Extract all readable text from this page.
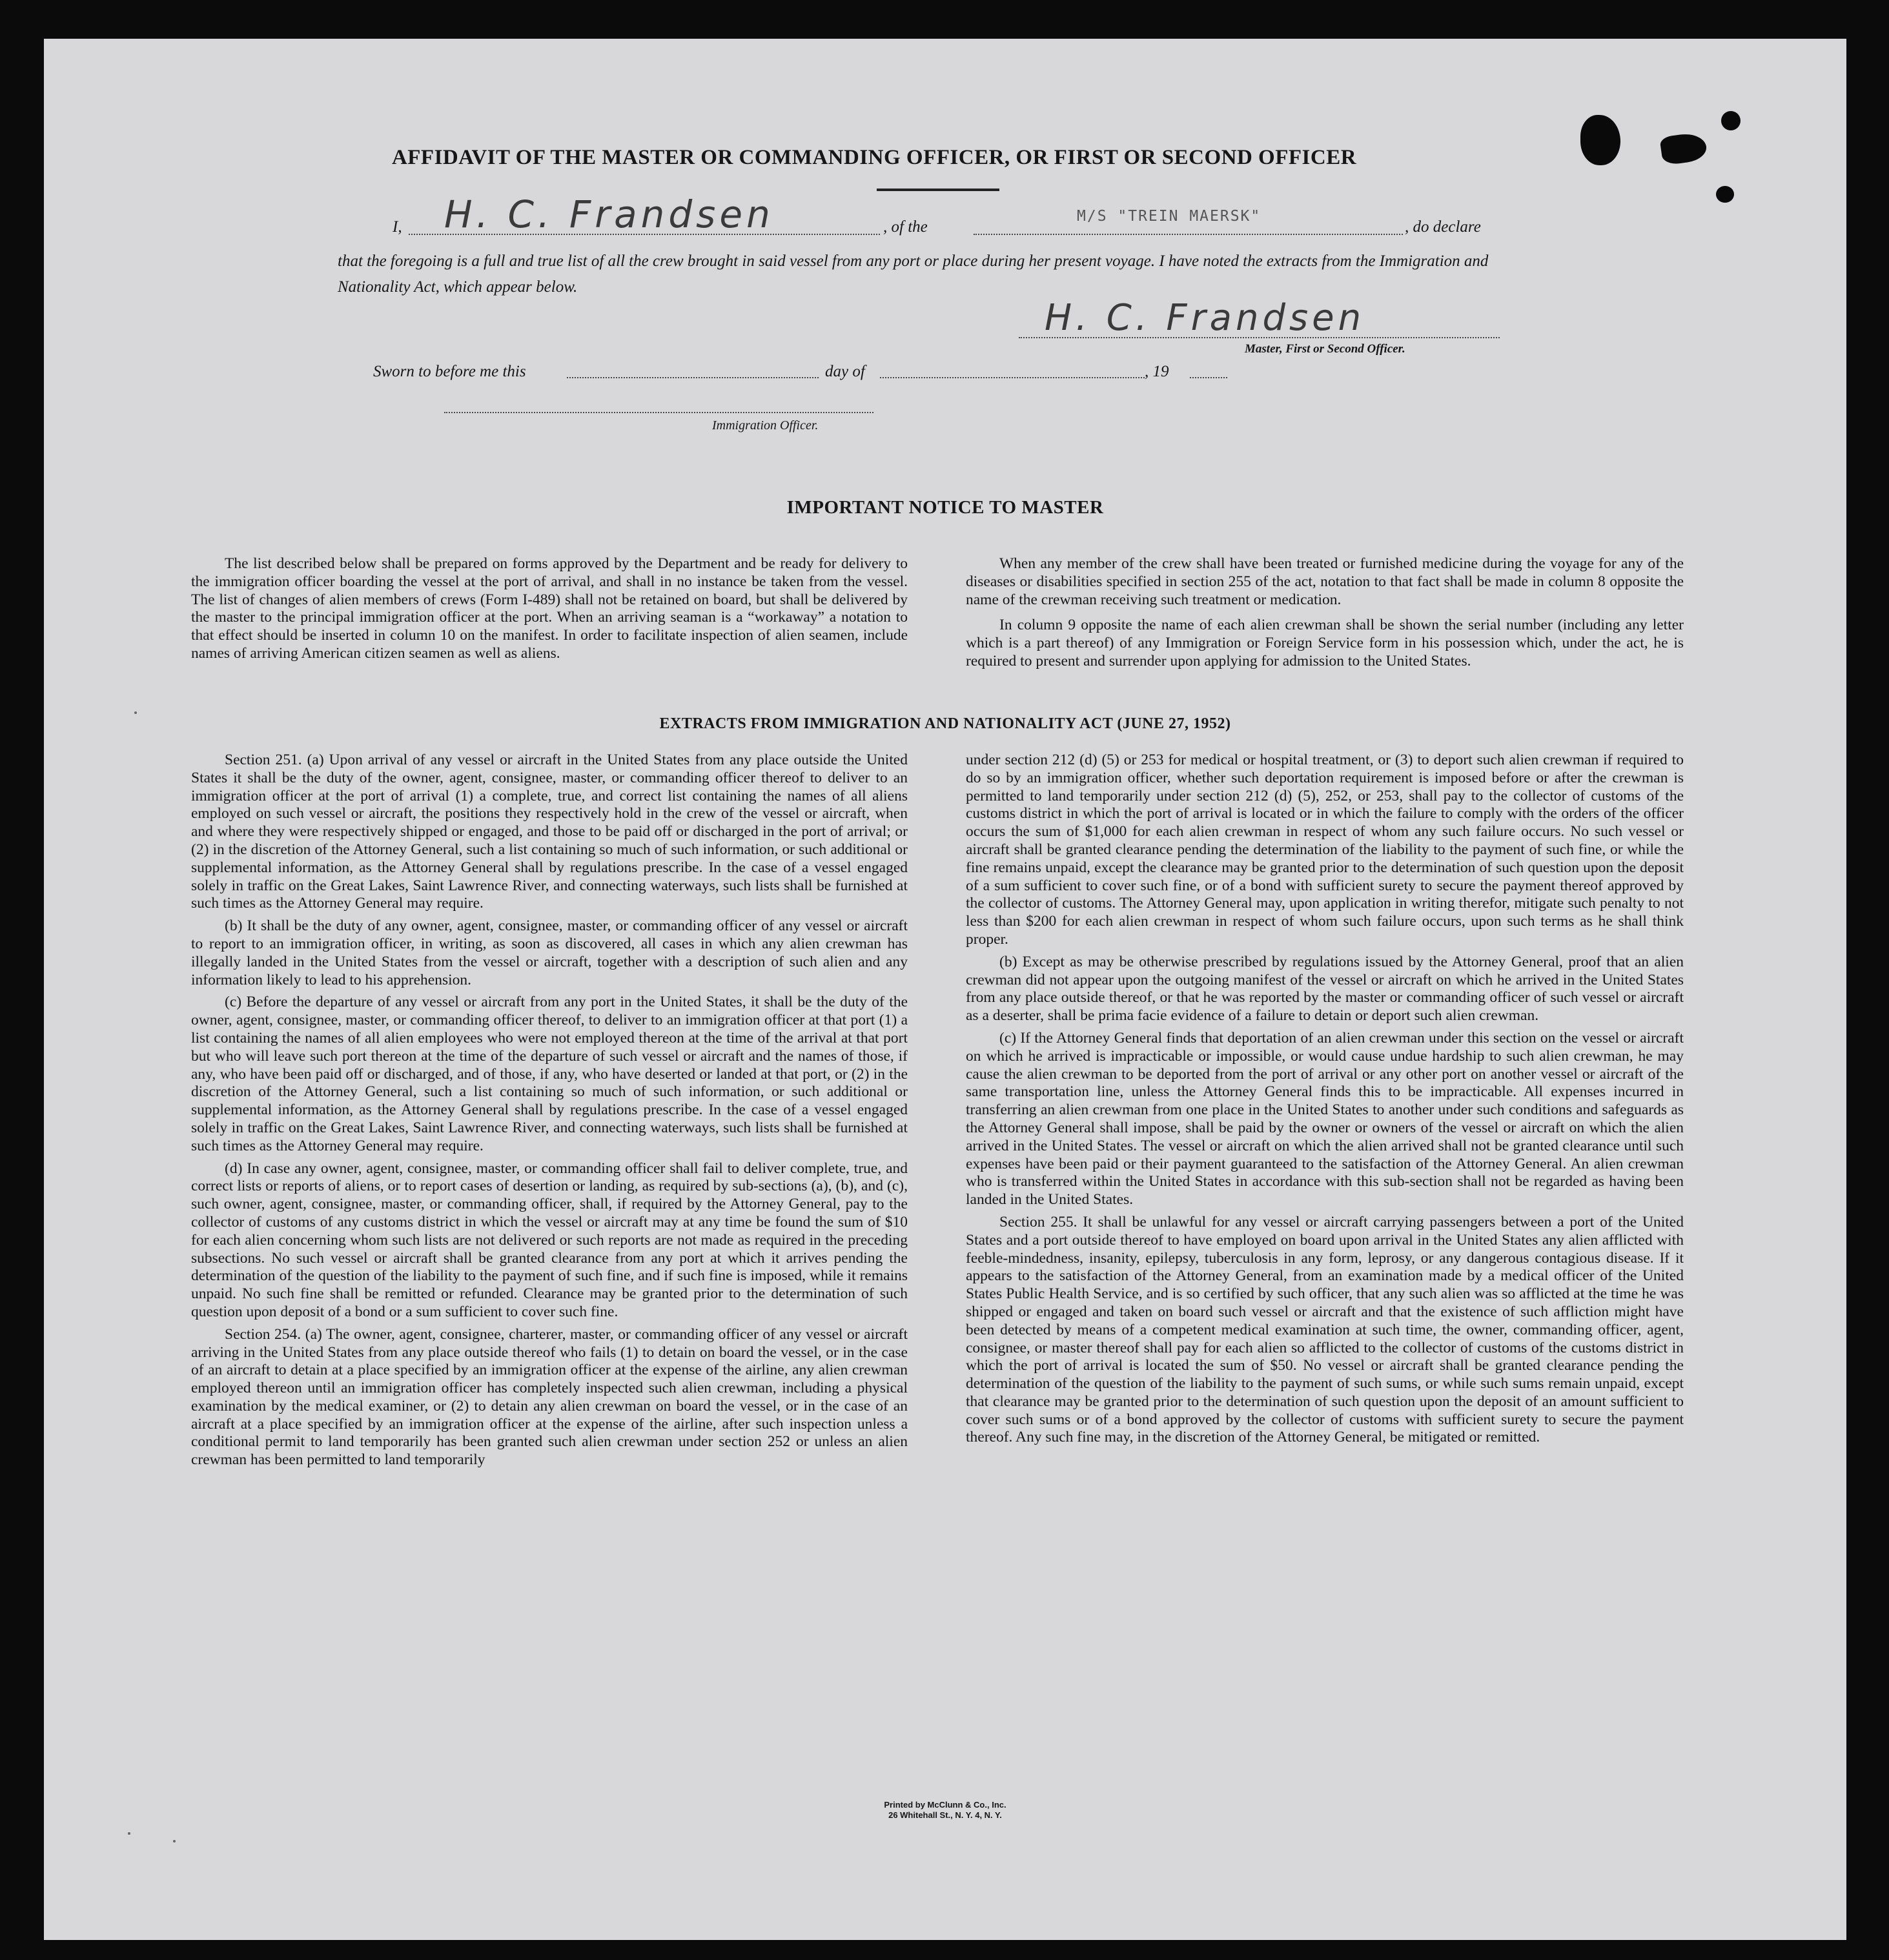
AFFIDAVIT OF THE MASTER OR COMMANDING OFFICER, OR FIRST OR SECOND OFFICER
I, H. C. Frandsen	, of the
M/S "TREIN MAERSK"
, do declare
that the foregoing is a full and true list of all the crew brought in said vessel from any port or place during her present voyage. I have noted the extracts from the Immigration and Nationality Act, which appear below.
H. C. Frandsen
Master, First or Second Officer.
Sworn to before me this	day of	, 19
Immigration Officer.
IMPORTANT NOTICE TO MASTER

The list described below shall be prepared on forms approved by the Department and be ready for delivery to the immigration officer boarding the vessel at the port of arrival, and shall in no instance be taken from the vessel. The list of changes of alien members of crews (Form I-489) shall not be retained on board, but shall be delivered by the master to the principal immigration officer at the port. When an arriving seaman is a “workaway” a notation to that effect should be inserted in column 10 on the manifest. In order to facilitate inspection of alien seamen, include names of arriving American citizen seamen as well as aliens.

When any member of the crew shall have been treated or furnished medicine during the voyage for any of the diseases or disabilities specified in section 255 of the act, notation to that fact shall be made in column 8 opposite the name of the crewman receiving such treatment or medication.

In column 9 opposite the name of each alien crewman shall be shown the serial number (including any letter which is a part thereof) of any Immigration or Foreign Service form in his possession which, under the act, he is required to present and surrender upon applying for admission to the United States.

EXTRACTS FROM IMMIGRATION AND NATIONALITY ACT (JUNE 27, 1952)

Section 251. (a) Upon arrival of any vessel or aircraft in the United States from any place outside the United States it shall be the duty of the owner, agent, consignee, master, or commanding officer thereof to deliver to an immigration officer at the port of arrival (1) a complete, true, and correct list containing the names of all aliens employed on such vessel or aircraft, the positions they respectively hold in the crew of the vessel or aircraft, when and where they were respectively shipped or engaged, and those to be paid off or discharged in the port of arrival; or (2) in the discretion of the Attorney General, such a list containing so much of such information, or such additional or supplemental information, as the Attorney General shall by regulations prescribe. In the case of a vessel engaged solely in traffic on the Great Lakes, Saint Lawrence River, and connecting waterways, such lists shall be furnished at such times as the Attorney General may require.

(b) It shall be the duty of any owner, agent, consignee, master, or commanding officer of any vessel or aircraft to report to an immigration officer, in writing, as soon as discovered, all cases in which any alien crewman has illegally landed in the United States from the vessel or aircraft, together with a description of such alien and any information likely to lead to his apprehension.

(c) Before the departure of any vessel or aircraft from any port in the United States, it shall be the duty of the owner, agent, consignee, master, or commanding officer thereof, to deliver to an immigration officer at that port (1) a list containing the names of all alien employees who were not employed thereon at the time of the arrival at that port but who will leave such port thereon at the time of the departure of such vessel or aircraft and the names of those, if any, who have been paid off or discharged, and of those, if any, who have deserted or landed at that port, or (2) in the discretion of the Attorney General, such a list containing so much of such information, or such additional or supplemental information, as the Attorney General shall by regulations prescribe. In the case of a vessel engaged solely in traffic on the Great Lakes, Saint Lawrence River, and connecting waterways, such lists shall be furnished at such times as the Attorney General may require.

(d) In case any owner, agent, consignee, master, or commanding officer shall fail to deliver complete, true, and correct lists or reports of aliens, or to report cases of desertion or landing, as required by sub-sections (a), (b), and (c), such owner, agent, consignee, master, or commanding officer, shall, if required by the Attorney General, pay to the collector of customs of any customs district in which the vessel or aircraft may at any time be found the sum of $10 for each alien concerning whom such lists are not delivered or such reports are not made as required in the preceding subsections. No such vessel or aircraft shall be granted clearance from any port at which it arrives pending the determination of the question of the liability to the payment of such fine, and if such fine is imposed, while it remains unpaid. No such fine shall be remitted or refunded. Clearance may be granted prior to the determination of such question upon deposit of a bond or a sum sufficient to cover such fine.

Section 254. (a) The owner, agent, consignee, charterer, master, or commanding officer of any vessel or aircraft arriving in the United States from any place outside thereof who fails (1) to detain on board the vessel, or in the case of an aircraft to detain at a place specified by an immigration officer at the expense of the airline, any alien crewman employed thereon until an immigration officer has completely inspected such alien crewman, including a physical examination by the medical examiner, or (2) to detain any alien crewman on board the vessel, or in the case of an aircraft at a place specified by an immigration officer at the expense of the airline, after such inspection unless a conditional permit to land temporarily has been granted such alien crewman under section 252 or unless an alien crewman has been permitted to land temporarily

under section 212 (d) (5) or 253 for medical or hospital treatment, or (3) to deport such alien crewman if required to do so by an immigration officer, whether such deportation requirement is imposed before or after the crewman is permitted to land temporarily under section 212 (d) (5), 252, or 253, shall pay to the collector of customs of the customs district in which the port of arrival is located or in which the failure to comply with the orders of the officer occurs the sum of $1,000 for each alien crewman in respect of whom any such failure occurs. No such vessel or aircraft shall be granted clearance pending the determination of the liability to the payment of such fine, or while the fine remains unpaid, except the clearance may be granted prior to the determination of such question upon the deposit of a sum sufficient to cover such fine, or of a bond with sufficient surety to secure the payment thereof approved by the collector of customs. The Attorney General may, upon application in writing therefor, mitigate such penalty to not less than $200 for each alien crewman in respect of whom such failure occurs, upon such terms as he shall think proper.

(b) Except as may be otherwise prescribed by regulations issued by the Attorney General, proof that an alien crewman did not appear upon the outgoing manifest of the vessel or aircraft on which he arrived in the United States from any place outside thereof, or that he was reported by the master or commanding officer of such vessel or aircraft as a deserter, shall be prima facie evidence of a failure to detain or deport such alien crewman.

(c) If the Attorney General finds that deportation of an alien crewman under this section on the vessel or aircraft on which he arrived is impracticable or impossible, or would cause undue hardship to such alien crewman, he may cause the alien crewman to be deported from the port of arrival or any other port on another vessel or aircraft of the same transportation line, unless the Attorney General finds this to be impracticable. All expenses incurred in transferring an alien crewman from one place in the United States to another under such conditions and safeguards as the Attorney General shall impose, shall be paid by the owner or owners of the vessel or aircraft on which the alien arrived in the United States. The vessel or aircraft on which the alien arrived shall not be granted clearance until such expenses have been paid or their payment guaranteed to the satisfaction of the Attorney General. An alien crewman who is transferred within the United States in accordance with this sub-section shall not be regarded as having been landed in the United States.

Section 255. It shall be unlawful for any vessel or aircraft carrying passengers between a port of the United States and a port outside thereof to have employed on board upon arrival in the United States any alien afflicted with feeble-mindedness, insanity, epilepsy, tuberculosis in any form, leprosy, or any dangerous contagious disease. If it appears to the satisfaction of the Attorney General, from an examination made by a medical officer of the United States Public Health Service, and is so certified by such officer, that any such alien was so afflicted at the time he was shipped or engaged and taken on board such vessel or aircraft and that the existence of such affliction might have been detected by means of a competent medical examination at such time, the owner, commanding officer, agent, consignee, or master thereof shall pay for each alien so afflicted to the collector of customs of the customs district in which the port of arrival is located the sum of $50. No vessel or aircraft shall be granted clearance pending the determination of the question of the liability to the payment of such sums, or while such sums remain unpaid, except that clearance may be granted prior to the determination of such question upon the deposit of an amount sufficient to cover such sums or of a bond approved by the collector of customs with sufficient surety to secure the payment thereof. Any such fine may, in the discretion of the Attorney General, be mitigated or remitted.

Printed by McClunn & Co., Inc.
26 Whitehall St., N. Y. 4, N. Y.
